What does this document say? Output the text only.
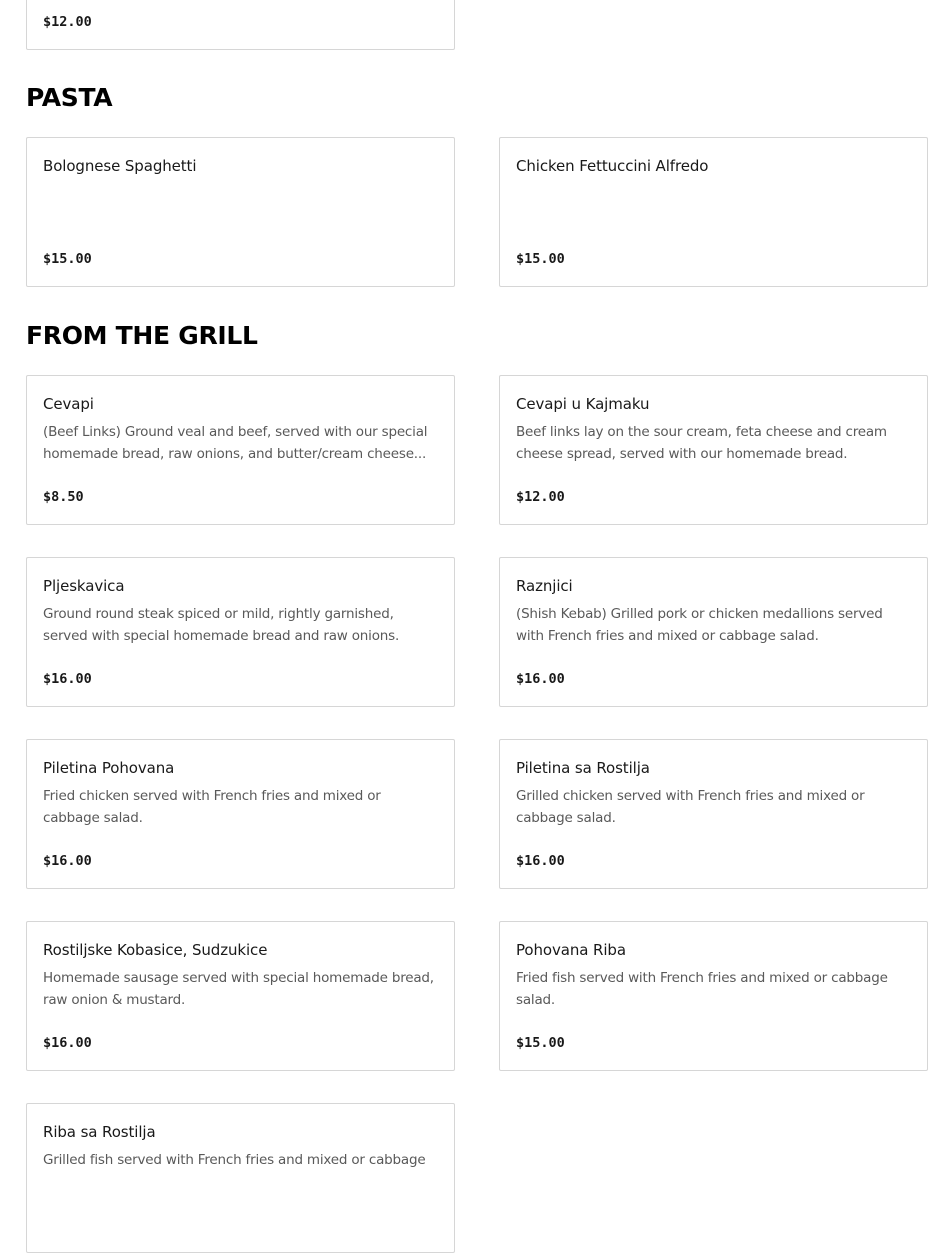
$12.00
PASTA
Bolognese Spaghetti
$15.00
Chicken Fettuccini Alfredo
$15.00
FROM THE GRILL
Cevapi
(Beef Links) Ground veal and beef, served with our special homemade bread, raw onions, and butter/cream cheese...
$8.50
Cevapi u Kajmaku
Beef links lay on the sour cream, feta cheese and cream cheese spread, served with our homemade bread.
$12.00
Pljeskavica
Ground round steak spiced or mild, rightly garnished, served with special homemade bread and raw onions.
$16.00
Raznjici
(Shish Kebab) Grilled pork or chicken medallions served with French fries and mixed or cabbage salad.
$16.00
Piletina Pohovana
Fried chicken served with French fries and mixed or cabbage salad.
$16.00
Piletina sa Rostilja
Grilled chicken served with French fries and mixed or cabbage salad.
$16.00
Rostiljske Kobasice, Sudzukice
Homemade sausage served with special homemade bread, raw onion & mustard.
$16.00
Pohovana Riba
Fried fish served with French fries and mixed or cabbage salad.
$15.00
Riba sa Rostilja
Grilled fish served with French fries and mixed or cabbage
